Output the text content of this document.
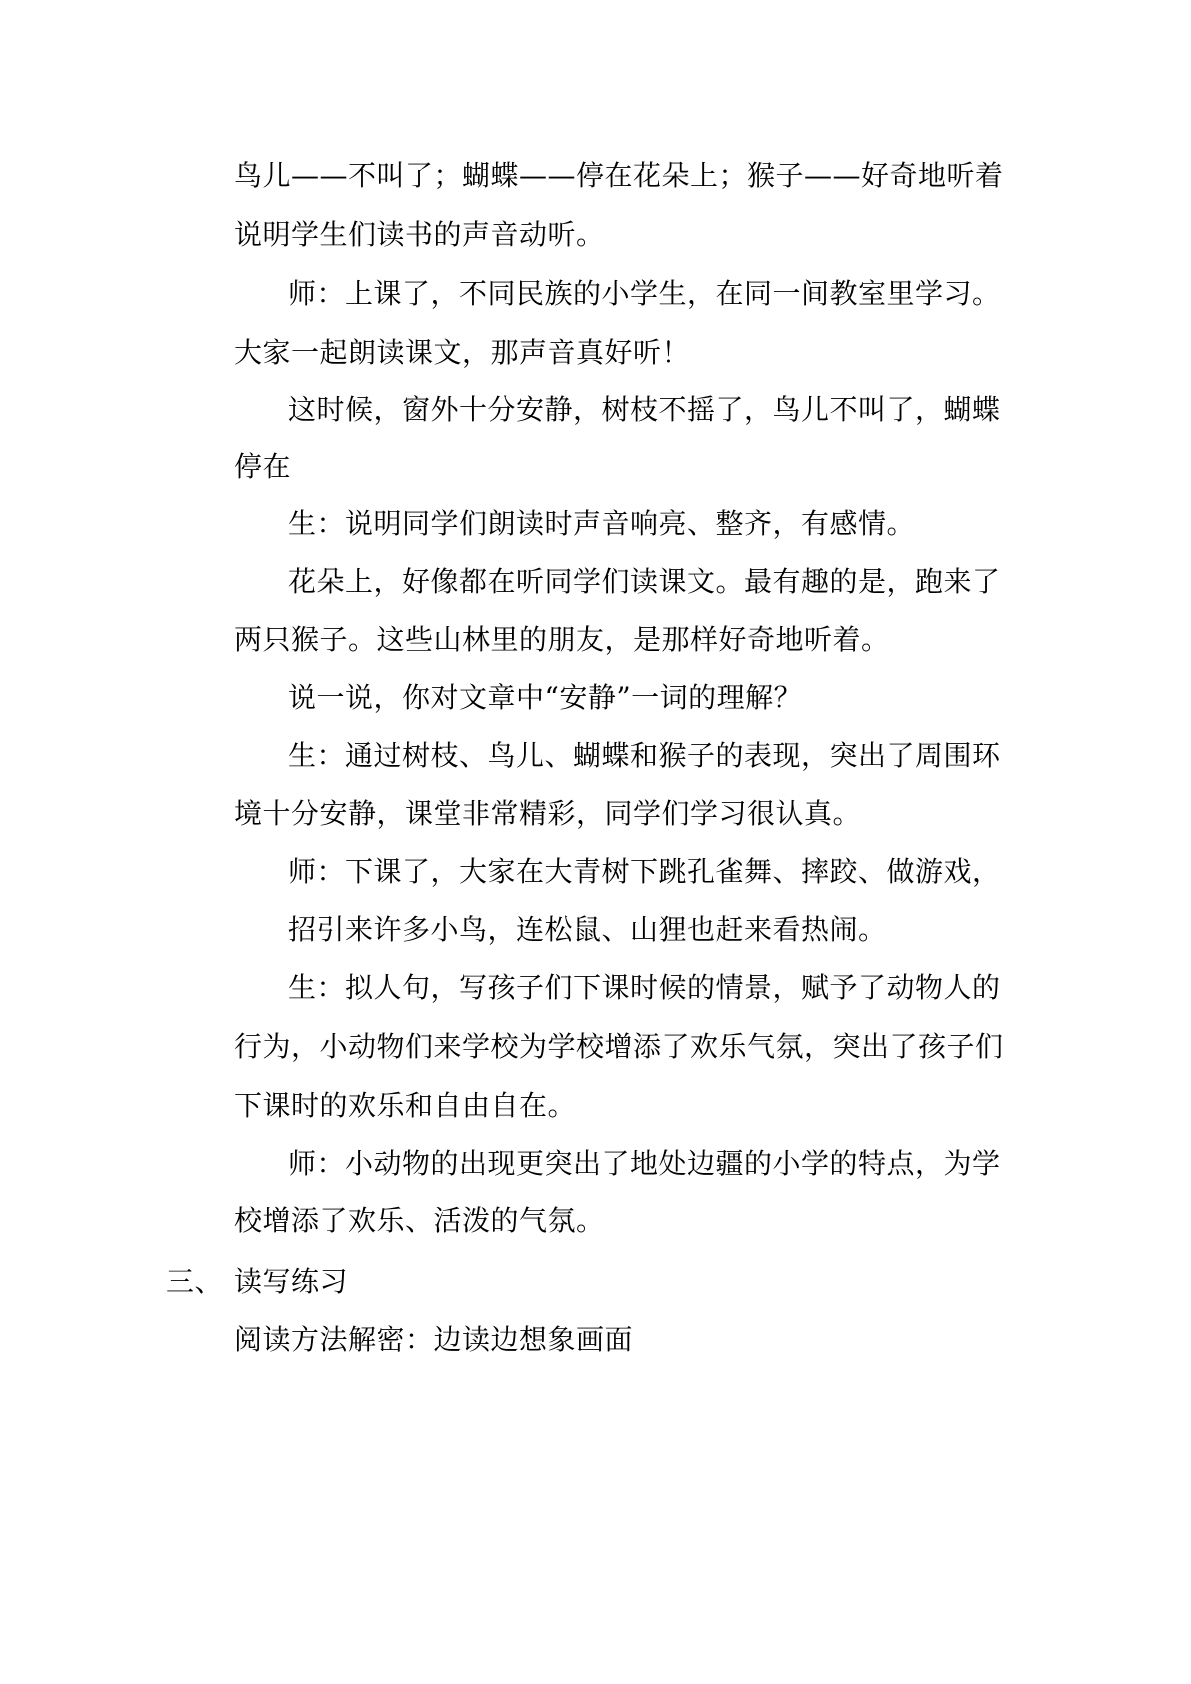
鸟儿——不叫了；蝴蝶——停在花朵上；猴子——好奇地听着
说明学生们读书的声音动听。
师：上课了，不同民族的小学生，在同一间教室里学习。
大家一起朗读课文，那声音真好听！
这时候，窗外十分安静，树枝不摇了，鸟儿不叫了，蝴蝶
停在
生：说明同学们朗读时声音响亮、整齐，有感情。
花朵上，好像都在听同学们读课文。最有趣的是，跑来了
两只猴子。这些山林里的朋友，是那样好奇地听着。
说一说，你对文章中“安静”一词的理解？
生：通过树枝、鸟儿、蝴蝶和猴子的表现，突出了周围环
境十分安静，课堂非常精彩，同学们学习很认真。
师：下课了，大家在大青树下跳孔雀舞、摔跤、做游戏，
招引来许多小鸟，连松鼠、山狸也赶来看热闹。
生：拟人句，写孩子们下课时候的情景，赋予了动物人的
行为，小动物们来学校为学校增添了欢乐气氛，突出了孩子们
下课时的欢乐和自由自在。
师：小动物的出现更突出了地处边疆的小学的特点，为学
校增添了欢乐、活泼的气氛。
三、 读写练习
阅读方法解密：边读边想象画面
